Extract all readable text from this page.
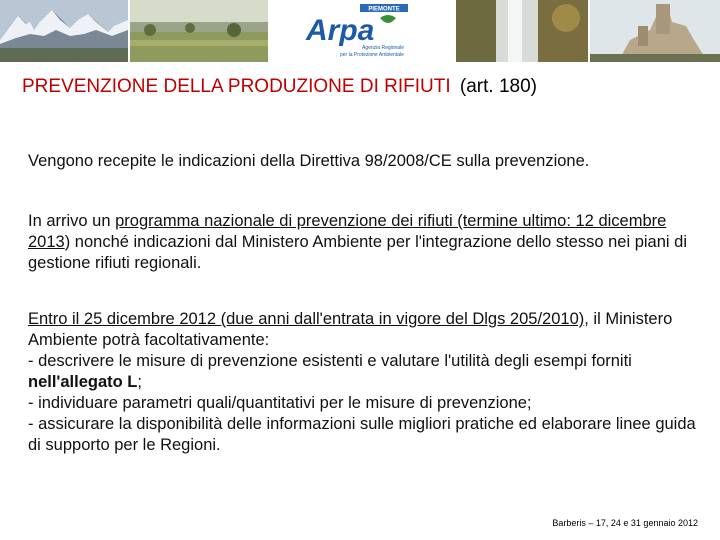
PIEMONTE
Arpa
Agenzia Regionale
per la Protezione Ambientale
PREVENZIONE DELLA PRODUZIONE DI RIFIUTI (art. 180)
Vengono recepite le indicazioni della Direttiva 98/2008/CE sulla prevenzione.
In arrivo un programma nazionale di prevenzione dei rifiuti (termine ultimo: 12 dicembre 2013) nonché indicazioni dal Ministero Ambiente per l'integrazione dello stesso nei piani di gestione rifiuti regionali.
Entro il 25 dicembre 2012 (due anni dall'entrata in vigore del Dlgs 205/2010), il Ministero Ambiente potrà facoltativamente:
- descrivere le misure di prevenzione esistenti e valutare l'utilità degli esempi forniti nell'allegato L;
- individuare parametri quali/quantitativi per le misure di prevenzione;
- assicurare la disponibilità delle informazioni sulle migliori pratiche ed elaborare linee guida di supporto per le Regioni.
Barberis – 17, 24 e 31 gennaio 2012
